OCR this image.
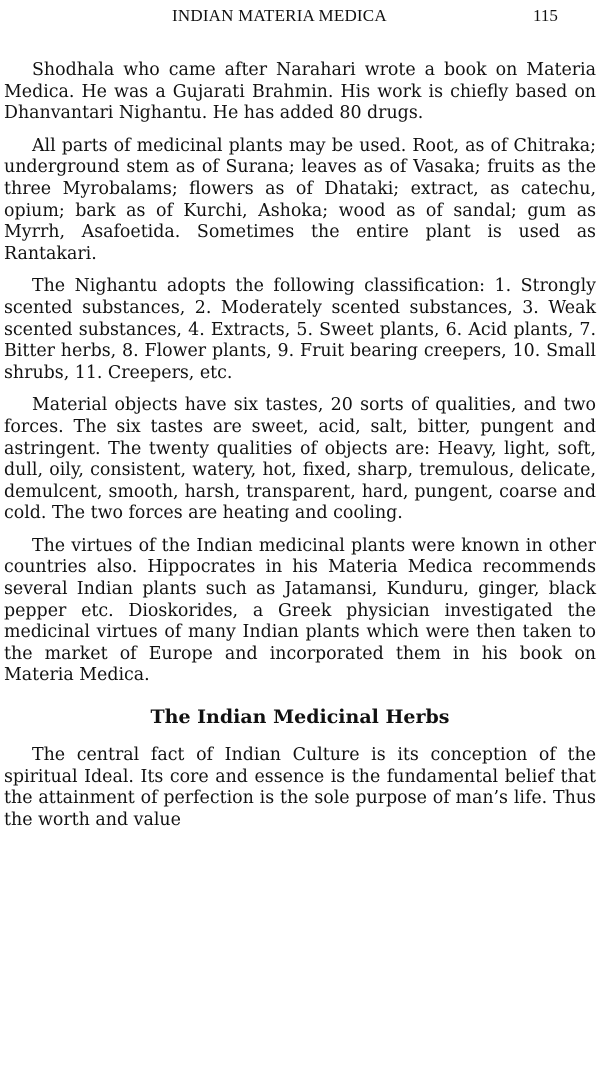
INDIAN MATERIA MEDICA	115

Shodhala who came after Narahari wrote a book on Materia Medica. He was a Gujarati Brahmin. His work is chiefly based on Dhanvantari Nighantu. He has added 80 drugs.

All parts of medicinal plants may be used. Root, as of Chitraka; underground stem as of Surana; leaves as of Vasaka; fruits as the three Myrobalams; flowers as of Dhataki; extract, as catechu, opium; bark as of Kurchi, Ashoka; wood as of sandal; gum as Myrrh, Asafoetida. Sometimes the entire plant is used as Rantakari.

The Nighantu adopts the following classification: 1. Strongly scented substances, 2. Moderately scented substances, 3. Weak scented substances, 4. Extracts, 5. Sweet plants, 6. Acid plants, 7. Bitter herbs, 8. Flower plants, 9. Fruit bearing creepers, 10. Small shrubs, 11. Creepers, etc.

Material objects have six tastes, 20 sorts of qualities, and two forces. The six tastes are sweet, acid, salt, bitter, pungent and astringent. The twenty qualities of objects are: Heavy, light, soft, dull, oily, consistent, watery, hot, fixed, sharp, tremulous, delicate, demulcent, smooth, harsh, transparent, hard, pungent, coarse and cold. The two forces are heating and cooling.

The virtues of the Indian medicinal plants were known in other countries also. Hippocrates in his Materia Medica recommends several Indian plants such as Jatamansi, Kunduru, ginger, black pepper etc. Dioskorides, a Greek physician investigated the medicinal virtues of many Indian plants which were then taken to the market of Europe and incorporated them in his book on Materia Medica.

The Indian Medicinal Herbs

The central fact of Indian Culture is its conception of the spiritual Ideal. Its core and essence is the fundamental belief that the attainment of perfection is the sole purpose of man’s life. Thus the worth and value
